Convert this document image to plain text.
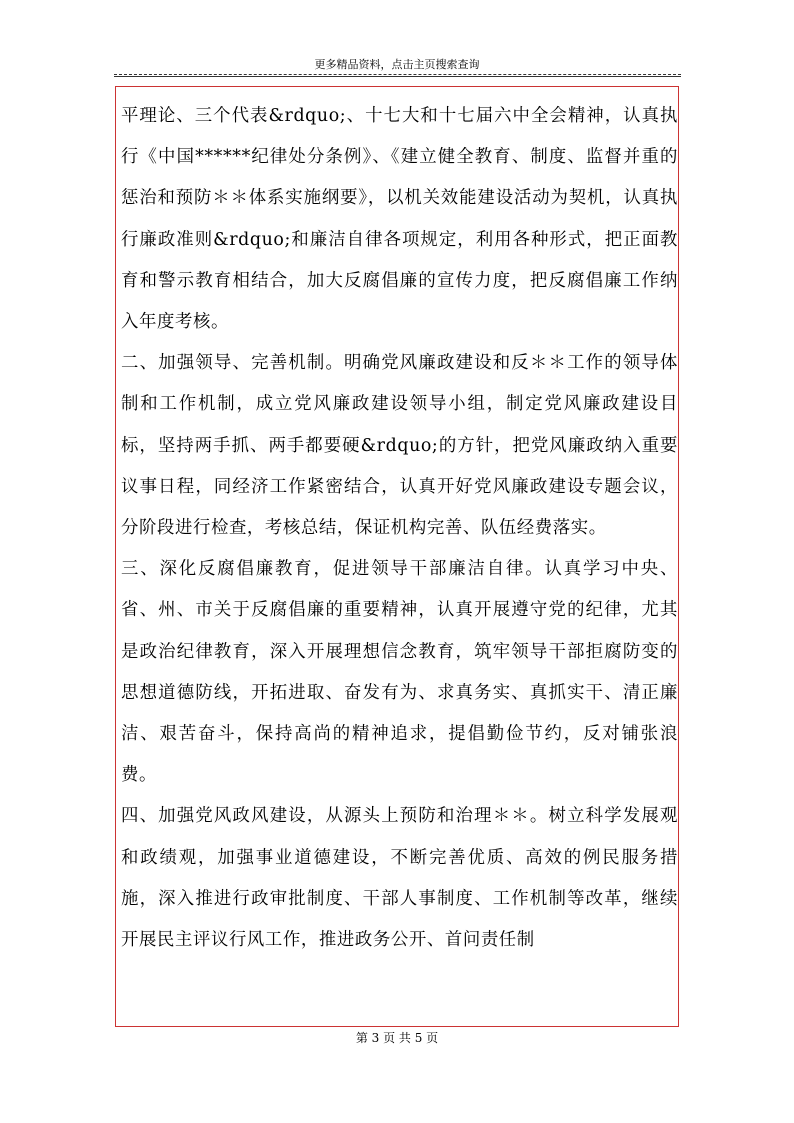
更多精品资料，点击主页搜索查询

平理论、三个代表&rdquo;、十七大和十七届六中全会精神，认真执行《中国******纪律处分条例》、《建立健全教育、制度、监督并重的惩治和预防＊＊体系实施纲要》，以机关效能建设活动为契机，认真执行廉政准则&rdquo;和廉洁自律各项规定，利用各种形式，把正面教育和警示教育相结合，加大反腐倡廉的宣传力度，把反腐倡廉工作纳入年度考核。

二、加强领导、完善机制。明确党风廉政建设和反＊＊工作的领导体制和工作机制，成立党风廉政建设领导小组，制定党风廉政建设目标，坚持两手抓、两手都要硬&rdquo;的方针，把党风廉政纳入重要议事日程，同经济工作紧密结合，认真开好党风廉政建设专题会议，分阶段进行检查，考核总结，保证机构完善、队伍经费落实。

三、深化反腐倡廉教育，促进领导干部廉洁自律。认真学习中央、省、州、市关于反腐倡廉的重要精神，认真开展遵守党的纪律，尤其是政治纪律教育，深入开展理想信念教育，筑牢领导干部拒腐防变的思想道德防线，开拓进取、奋发有为、求真务实、真抓实干、清正廉洁、艰苦奋斗，保持高尚的精神追求，提倡勤俭节约，反对铺张浪费。

四、加强党风政风建设，从源头上预防和治理＊＊。树立科学发展观和政绩观，加强事业道德建设，不断完善优质、高效的例民服务措施，深入推进行政审批制度、干部人事制度、工作机制等改革，继续开展民主评议行风工作，推进政务公开、首问责任制

第 3 页 共 5 页
